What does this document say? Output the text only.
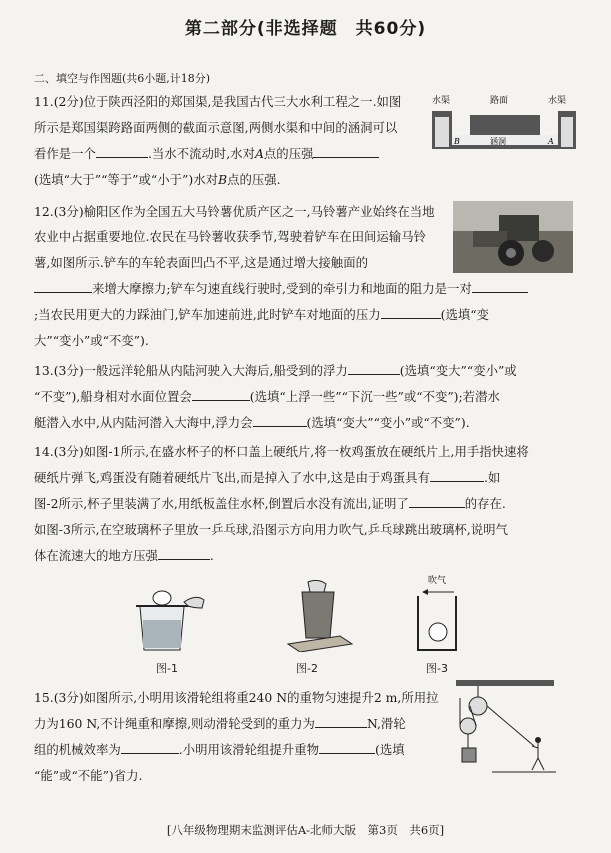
第二部分(非选择题　共60分)
二、填空与作图题(共6小题,计18分)
11.(2分)位于陕西泾阳的郑国渠,是我国古代三大水利工程之一.如图
所示是郑国渠跨路面两侧的截面示意图,两侧水渠和中间的涵洞可以
看作是一个	.当水不流动时,水对A点的压强
(选填“大于”“等于”或“小于”)水对B点的压强.
水渠	路面	水渠
B	涵洞	A
12.(3分)榆阳区作为全国五大马铃薯优质产区之一,马铃薯产业始终在当地
农业中占据重要地位.农民在马铃薯收获季节,驾驶着铲车在田间运输马铃
薯,如图所示.铲车的车轮表面凹凸不平,这是通过增大接触面的
来增大摩擦力;铲车匀速直线行驶时,受到的牵引力和地面的阻力是一对
;当农民用更大的力踩油门,铲车加速前进,此时铲车对地面的压力	(选填“变
大”“变小”或“不变”).
13.(3分)一般远洋轮船从内陆河驶入大海后,船受到的浮力	(选填“变大”“变小”或
“不变”),船身相对水面位置会	(选填“上浮一些”“下沉一些”或“不变”);若潜水
艇潜入水中,从内陆河潜入大海中,浮力会	(选填“变大”“变小”或“不变”).
14.(3分)如图-1所示,在盛水杯子的杯口盖上硬纸片,将一枚鸡蛋放在硬纸片上,用手指快速将
硬纸片弹飞,鸡蛋没有随着硬纸片飞出,而是掉入了水中,这是由于鸡蛋具有	.如
图-2所示,杯子里装满了水,用纸板盖住水杯,倒置后水没有流出,证明了	的存在.
如图-3所示,在空玻璃杯子里放一乒乓球,沿图示方向用力吹气,乒乓球跳出玻璃杯,说明气
体在流速大的地方压强	.
图-1	图-2
吹气
图-3
15.(3分)如图所示,小明用该滑轮组将重240 N的重物匀速提升2 m,所用拉
力为160 N,不计绳重和摩擦,则动滑轮受到的重力为	N,滑轮
组的机械效率为	.小明用该滑轮组提升重物	(选填
“能”或“不能”)省力.
[八年级物理期末监测评估A-北师大版　第3页　共6页]
